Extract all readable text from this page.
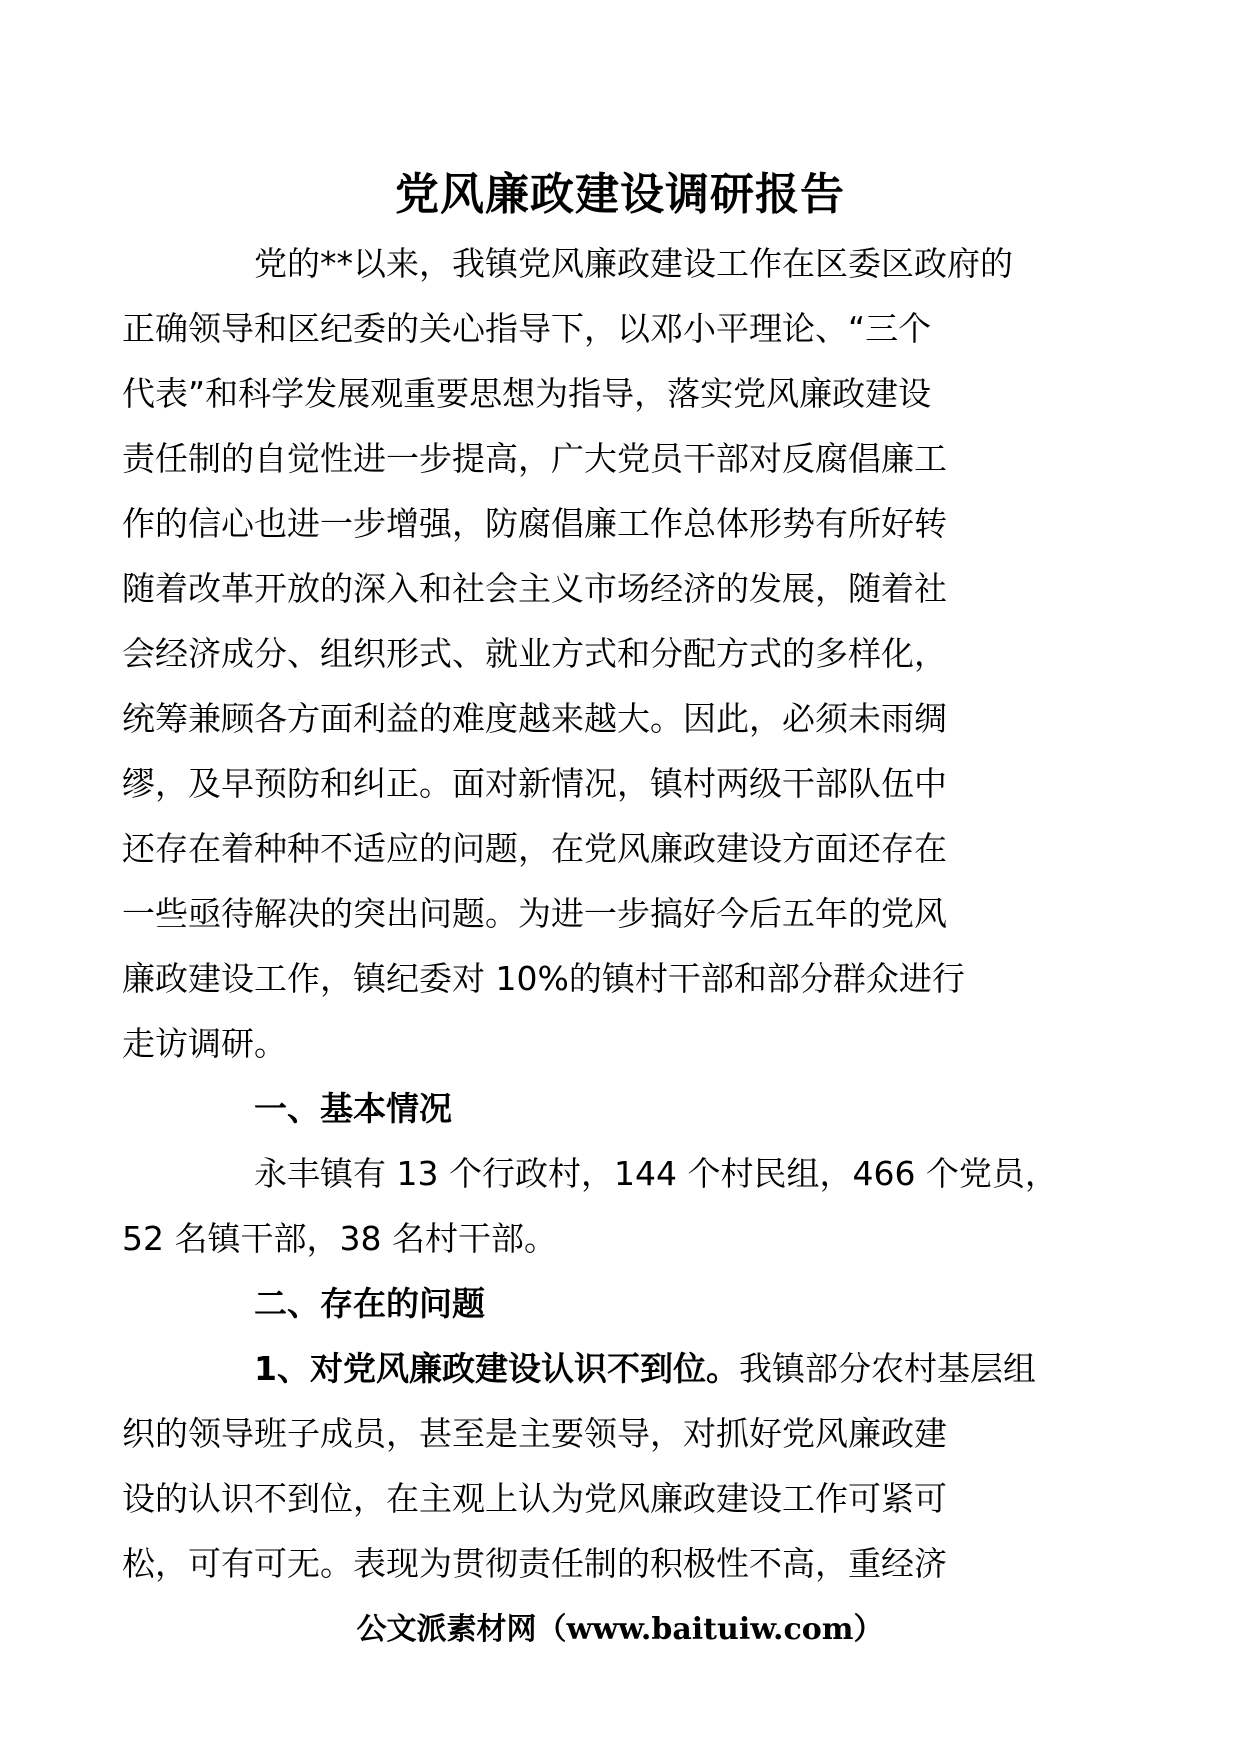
党风廉政建设调研报告

党的**以来，我镇党风廉政建设工作在区委区政府的
正确领导和区纪委的关心指导下，以邓小平理论、“三个
代表”和科学发展观重要思想为指导，落实党风廉政建设
责任制的自觉性进一步提高，广大党员干部对反腐倡廉工
作的信心也进一步增强，防腐倡廉工作总体形势有所好转
随着改革开放的深入和社会主义市场经济的发展，随着社
会经济成分、组织形式、就业方式和分配方式的多样化，
统筹兼顾各方面利益的难度越来越大。因此，必须未雨绸
缪，及早预防和纠正。面对新情况，镇村两级干部队伍中
还存在着种种不适应的问题，在党风廉政建设方面还存在
一些亟待解决的突出问题。为进一步搞好今后五年的党风
廉政建设工作，镇纪委对 10%的镇村干部和部分群众进行
走访调研。

一、基本情况

永丰镇有 13 个行政村，144 个村民组，466 个党员，
52 名镇干部，38 名村干部。

二、存在的问题

1、对党风廉政建设认识不到位。我镇部分农村基层组
织的领导班子成员，甚至是主要领导，对抓好党风廉政建
设的认识不到位，在主观上认为党风廉政建设工作可紧可
松，可有可无。表现为贯彻责任制的积极性不高，重经济

公文派素材网（www.baituiw.com）
